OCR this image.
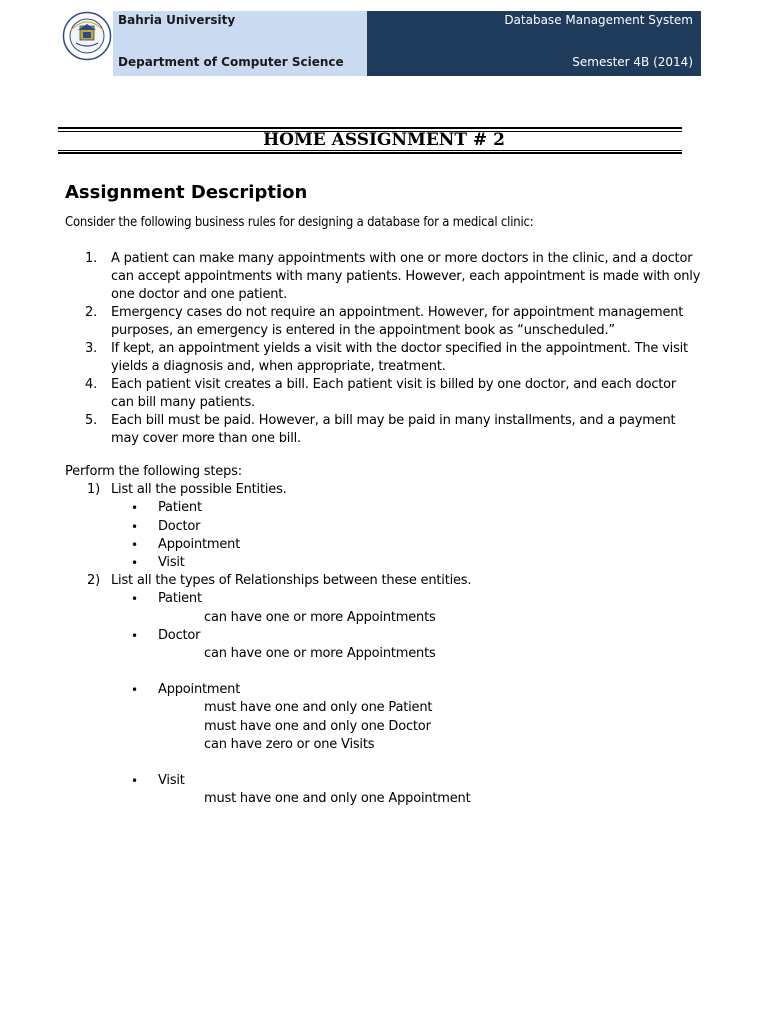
Bahria University
Department of Computer Science
Database Management System
Semester 4B (2014)
HOME ASSIGNMENT # 2
Assignment Description
Consider the following business rules for designing a database for a medical clinic:
1. A patient can make many appointments with one or more doctors in the clinic, and a doctor can accept appointments with many patients. However, each appointment is made with only one doctor and one patient.
2. Emergency cases do not require an appointment. However, for appointment management purposes, an emergency is entered in the appointment book as “unscheduled.”
3. If kept, an appointment yields a visit with the doctor specified in the appointment. The visit yields a diagnosis and, when appropriate, treatment.
4. Each patient visit creates a bill. Each patient visit is billed by one doctor, and each doctor can bill many patients.
5. Each bill must be paid. However, a bill may be paid in many installments, and a payment may cover more than one bill.
Perform the following steps:
1) List all the possible Entities.
• Patient
• Doctor
• Appointment
• Visit
2) List all the types of Relationships between these entities.
• Patient
can have one or more Appointments
• Doctor
can have one or more Appointments
• Appointment
must have one and only one Patient
must have one and only one Doctor
can have zero or one Visits
• Visit
must have one and only one Appointment
